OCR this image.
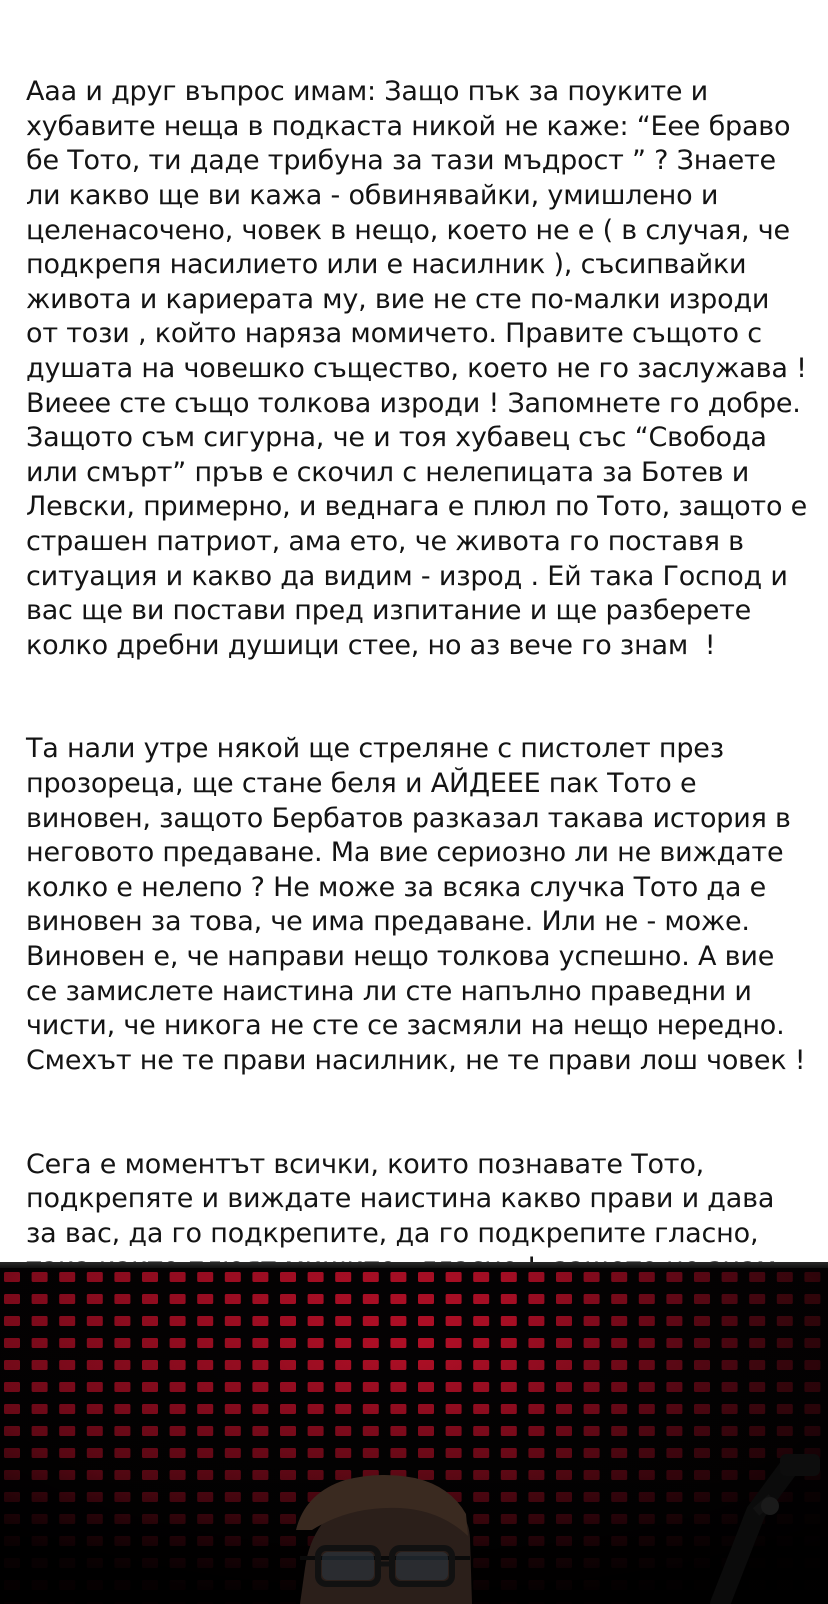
Ааа и друг въпрос имам: Защо пък за поуките и хубавите неща в подкаста никой не каже: “Еее браво бе Тото, ти даде трибуна за тази мъдрост ” ? Знаете ли какво ще ви кажа - обвинявайки, умишлено и целенасочено, човек в нещо, което не е ( в случая, че подкрепя насилието или е насилник ), съсипвайки живота и кариерата му, вие не сте по-малки изроди от този , който наряза момичето. Правите същото с душата на човешко същество, което не го заслужава ! Виеее сте също толкова изроди ! Запомнете го добре. Защото съм сигурна, че и тоя хубавец със “Свобода или смърт” пръв е скочил с нелепицата за Ботев и Левски, примерно, и веднага е плюл по Тото, защото е страшен патриот, ама ето, че живота го поставя в ситуация и какво да видим - изрод . Ей така Господ и вас ще ви постави пред изпитание и ще разберете колко дребни душици стее, но аз вече го знам  !

Та нали утре някой ще стреляне с пистолет през прозореца, ще стане беля и АЙДЕЕЕ пак Тото е виновен, защото Бербатов разказал такава история в неговото предаване. Ма вие сериозно ли не виждате колко е нелепо ? Не може за всяка случка Тото да е виновен за това, че има предаване. Или не - може. Виновен е, че направи нещо толкова успешно. А вие се замислете наистина ли сте напълно праведни и чисти, че никога не сте се засмяли на нещо нередно. Смехът не те прави насилник, не те прави лош човек !

Сега е моментът всички, които познавате Тото, подкрепяте и виждате наистина какво прави и дава за вас, да го подкрепите, да го подкрепите гласно,
